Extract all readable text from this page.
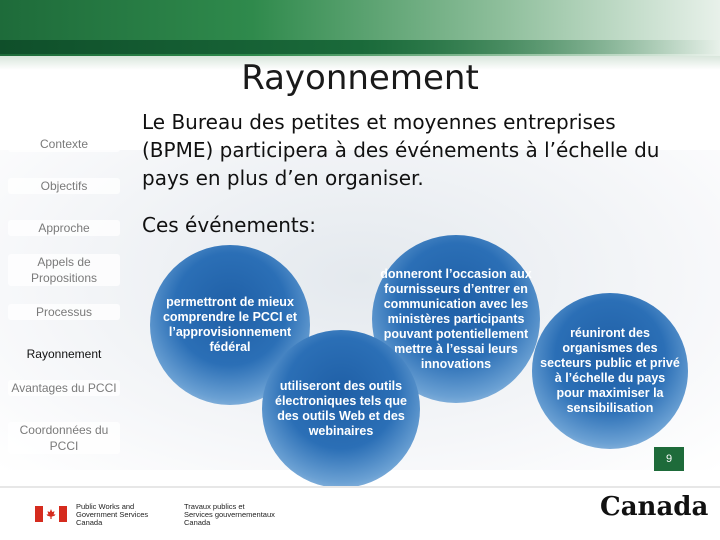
Rayonnement
Contexte
Objectifs
Approche
Appels de Propositions
Processus
Rayonnement
Avantages du PCCI
Coordonnées du PCCI
Le Bureau des petites et moyennes entreprises (BPME) participera à des événements à l’échelle du pays en plus d’en organiser.
Ces événements:
permettront de mieux comprendre le PCCI et l’approvisionnement fédéral
donneront l’occasion aux fournisseurs d’entrer en communication avec les ministères participants pouvant potentiellement mettre à l’essai leurs innovations
utiliseront des outils électroniques tels que des outils Web et des webinaires
réuniront des organismes des secteurs public et privé à l’échelle du pays pour maximiser la sensibilisation
9
Public Works and
Government Services
Canada
Travaux publics et
Services gouvernementaux
Canada
Canada
